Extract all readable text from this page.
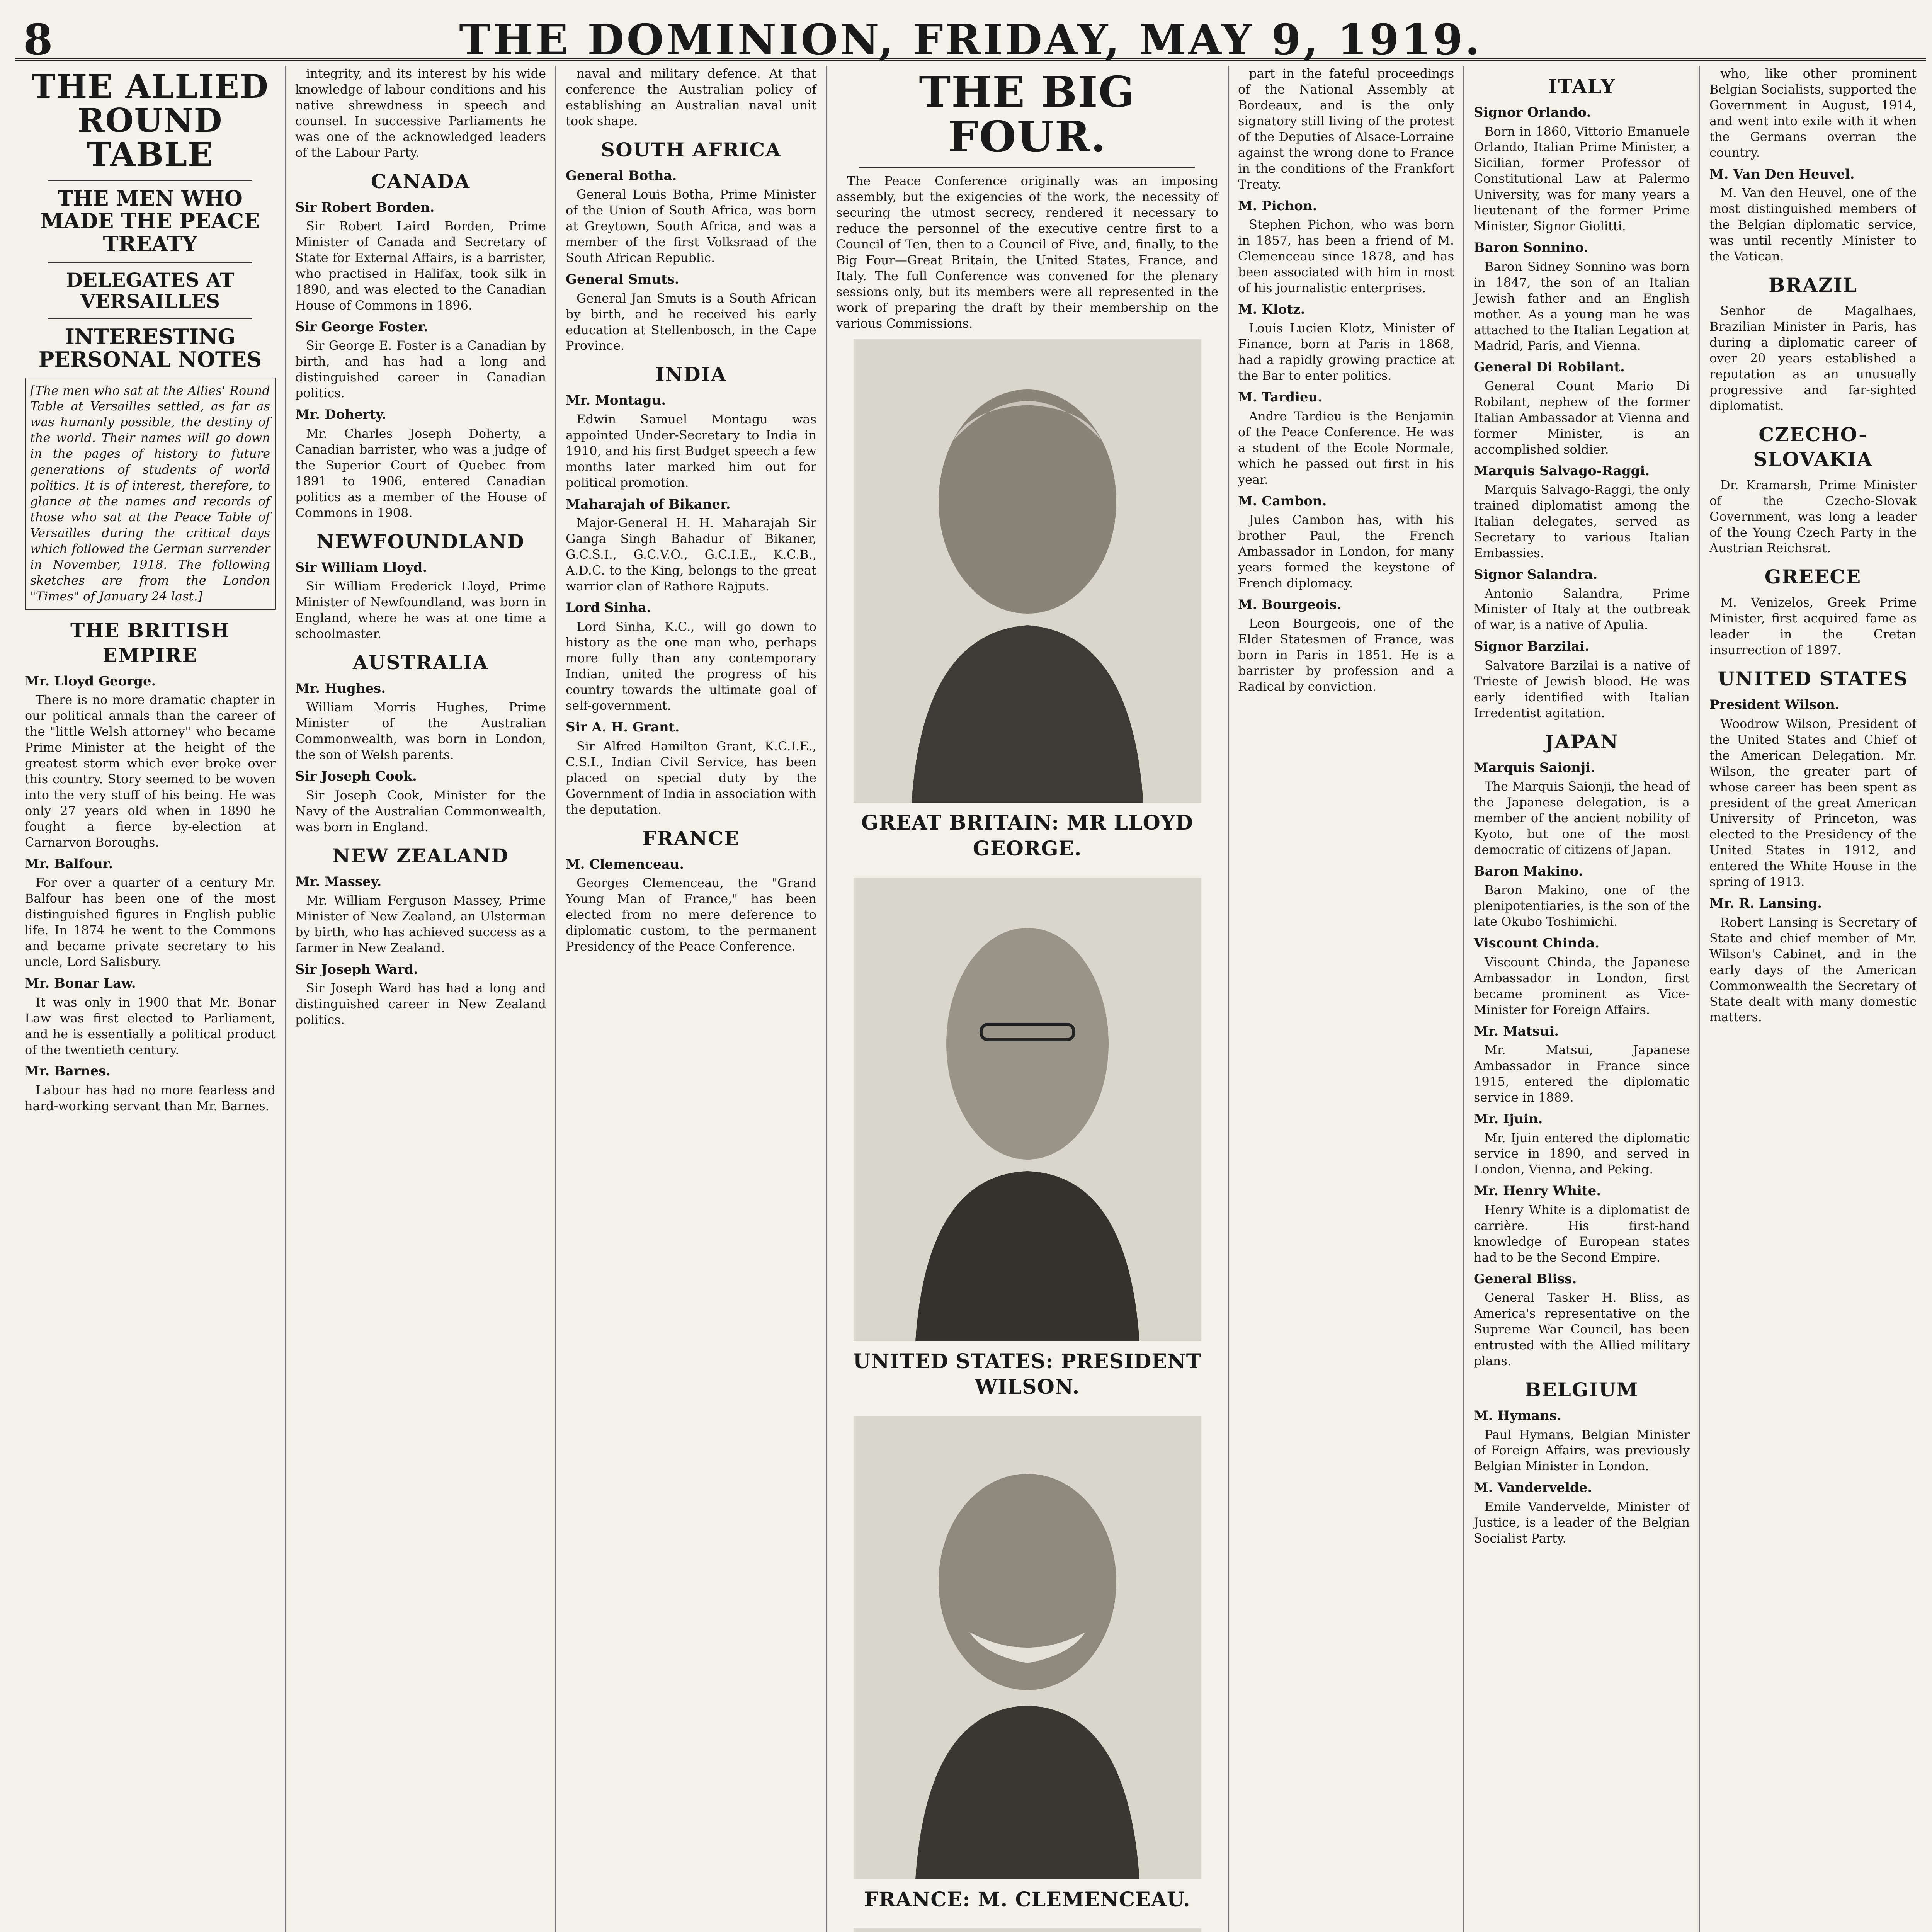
8	THE DOMINION, FRIDAY, MAY 9, 1919.
THE ALLIED ROUND TABLE
THE MEN WHO MADE THE PEACE TREATY
DELEGATES AT VERSAILLES
INTERESTING PERSONAL NOTES
[The men who sat at the Allies' Round Table at Versailles settled, as far as was humanly possible, the destiny of the world. Their names will go down in the pages of history to future generations of students of world politics. It is of interest, therefore, to glance at the names and records of those who sat at the Peace Table of Versailles during the critical days which followed the German surrender in November, 1918. The following sketches are from the London "Times" of January 24 last.]
THE BRITISH EMPIRE
Mr. Lloyd George.

There is no more dramatic chapter in our political annals than the career of the "little Welsh attorney" who became Prime Minister at the height of the greatest storm which ever broke over this country. Story seemed to be woven into the very stuff of his being. He was only 27 years old when in 1890 he fought a fierce by-election at Carnarvon Boroughs.

Mr. Balfour.

For over a quarter of a century Mr. Balfour has been one of the most distinguished figures in English public life. In 1874 he went to the Commons and became private secretary to his uncle, Lord Salisbury.

Mr. Bonar Law.

It was only in 1900 that Mr. Bonar Law was first elected to Parliament, and he is essentially a political product of the twentieth century.

Mr. Barnes.

Labour has had no more fearless and hard-working servant than Mr. Barnes.

integrity, and its interest by his wide knowledge of labour conditions and his native shrewdness in speech and counsel. In successive Parliaments he was one of the acknowledged leaders of the Labour Party.

CANADA
Sir Robert Borden.

Sir Robert Laird Borden, Prime Minister of Canada and Secretary of State for External Affairs, is a barrister, who practised in Halifax, took silk in 1890, and was elected to the Canadian House of Commons in 1896.

Sir George Foster.

Sir George E. Foster is a Canadian by birth, and has had a long and distinguished career in Canadian politics.

Mr. Doherty.

Mr. Charles Joseph Doherty, a Canadian barrister, who was a judge of the Superior Court of Quebec from 1891 to 1906, entered Canadian politics as a member of the House of Commons in 1908.

NEWFOUNDLAND
Sir William Lloyd.

Sir William Frederick Lloyd, Prime Minister of Newfoundland, was born in England, where he was at one time a schoolmaster.

AUSTRALIA
Mr. Hughes.

William Morris Hughes, Prime Minister of the Australian Commonwealth, was born in London, the son of Welsh parents.

Sir Joseph Cook.

Sir Joseph Cook, Minister for the Navy of the Australian Commonwealth, was born in England.

NEW ZEALAND
Mr. Massey.

Mr. William Ferguson Massey, Prime Minister of New Zealand, an Ulsterman by birth, who has achieved success as a farmer in New Zealand.

Sir Joseph Ward.

Sir Joseph Ward has had a long and distinguished career in New Zealand politics.

naval and military defence. At that conference the Australian policy of establishing an Australian naval unit took shape.

SOUTH AFRICA
General Botha.

General Louis Botha, Prime Minister of the Union of South Africa, was born at Greytown, South Africa, and was a member of the first Volksraad of the South African Republic.

General Smuts.

General Jan Smuts is a South African by birth, and he received his early education at Stellenbosch, in the Cape Province.

INDIA
Mr. Montagu.

Edwin Samuel Montagu was appointed Under-Secretary to India in 1910, and his first Budget speech a few months later marked him out for political promotion.

Maharajah of Bikaner.

Major-General H. H. Maharajah Sir Ganga Singh Bahadur of Bikaner, G.C.S.I., G.C.V.O., G.C.I.E., K.C.B., A.D.C. to the King, belongs to the great warrior clan of Rathore Rajputs.

Lord Sinha.

Lord Sinha, K.C., will go down to history as the one man who, perhaps more fully than any contemporary Indian, united the progress of his country towards the ultimate goal of self-government.

Sir A. H. Grant.

Sir Alfred Hamilton Grant, K.C.I.E., C.S.I., Indian Civil Service, has been placed on special duty by the Government of India in association with the deputation.

FRANCE
M. Clemenceau.

Georges Clemenceau, the "Grand Young Man of France," has been elected from no mere deference to diplomatic custom, to the permanent Presidency of the Peace Conference.

THE BIG FOUR.

The Peace Conference originally was an imposing assembly, but the exigencies of the work, the necessity of securing the utmost secrecy, rendered it necessary to reduce the personnel of the executive centre first to a Council of Ten, then to a Council of Five, and, finally, to the Big Four—Great Britain, the United States, France, and Italy. The full Conference was convened for the plenary sessions only, but its members were all represented in the work of preparing the draft by their membership on the various Commissions.

GREAT BRITAIN: MR LLOYD GEORGE.
UNITED STATES: PRESIDENT WILSON.
FRANCE: M. CLEMENCEAU.

part in the fateful proceedings of the National Assembly at Bordeaux, and is the only signatory still living of the protest of the Deputies of Alsace-Lorraine against the wrong done to France in the conditions of the Frankfort Treaty.

M. Pichon.

Stephen Pichon, who was born in 1857, has been a friend of M. Clemenceau since 1878, and has been associated with him in most of his journalistic enterprises.

M. Klotz.

Louis Lucien Klotz, Minister of Finance, born at Paris in 1868, had a rapidly growing practice at the Bar to enter politics.

M. Tardieu.

Andre Tardieu is the Benjamin of the Peace Conference. He was a student of the Ecole Normale, which he passed out first in his year.

M. Cambon.

Jules Cambon has, with his brother Paul, the French Ambassador in London, for many years formed the keystone of French diplomacy.

M. Bourgeois.

Leon Bourgeois, one of the Elder Statesmen of France, was born in Paris in 1851. He is a barrister by profession and a Radical by conviction.

ITALY
Signor Orlando.

Born in 1860, Vittorio Emanuele Orlando, Italian Prime Minister, a Sicilian, former Professor of Constitutional Law at Palermo University, was for many years a lieutenant of the former Prime Minister, Signor Giolitti.

Baron Sonnino.

Baron Sidney Sonnino was born in 1847, the son of an Italian Jewish father and an English mother. As a young man he was attached to the Italian Legation at Madrid, Paris, and Vienna.

General Di Robilant.

General Count Mario Di Robilant, nephew of the former Italian Ambassador at Vienna and former Minister, is an accomplished soldier.

Marquis Salvago-Raggi.

Marquis Salvago-Raggi, the only trained diplomatist among the Italian delegates, served as Secretary to various Italian Embassies.

Signor Salandra.

Antonio Salandra, Prime Minister of Italy at the outbreak of war, is a native of Apulia.

Signor Barzilai.

Salvatore Barzilai is a native of Trieste of Jewish blood. He was early identified with Italian Irredentist agitation.

JAPAN
Marquis Saionji.

The Marquis Saionji, the head of the Japanese delegation, is a member of the ancient nobility of Kyoto, but one of the most democratic of citizens of Japan.

Baron Makino.

Baron Makino, one of the plenipotentiaries, is the son of the late Okubo Toshimichi.

Viscount Chinda.

Viscount Chinda, the Japanese Ambassador in London, first became prominent as Vice-Minister for Foreign Affairs.

Mr. Matsui.

Mr. Matsui, Japanese Ambassador in France since 1915, entered the diplomatic service in 1889.

Mr. Ijuin.

Mr. Ijuin entered the diplomatic service in 1890, and served in London, Vienna, and Peking.

Mr. Henry White.

Henry White is a diplomatist de carrière. His first-hand knowledge of European states had to be the Second Empire.

General Bliss.

General Tasker H. Bliss, as America's representative on the Supreme War Council, has been entrusted with the Allied military plans.

BELGIUM
M. Hymans.

Paul Hymans, Belgian Minister of Foreign Affairs, was previously Belgian Minister in London.

M. Vandervelde.

Emile Vandervelde, Minister of Justice, is a leader of the Belgian Socialist Party.

who, like other prominent Belgian Socialists, supported the Government in August, 1914, and went into exile with it when the Germans overran the country.

M. Van Den Heuvel.

M. Van den Heuvel, one of the most distinguished members of the Belgian diplomatic service, was until recently Minister to the Vatican.

BRAZIL

Senhor de Magalhaes, Brazilian Minister in Paris, has during a diplomatic career of over 20 years established a reputation as an unusually progressive and far-sighted diplomatist.

CZECHO-SLOVAKIA

Dr. Kramarsh, Prime Minister of the Czecho-Slovak Government, was long a leader of the Young Czech Party in the Austrian Reichsrat.

GREECE

M. Venizelos, Greek Prime Minister, first acquired fame as leader in the Cretan insurrection of 1897.

UNITED STATES
President Wilson.

Woodrow Wilson, President of the United States and Chief of the American Delegation. Mr. Wilson, the greater part of whose career has been spent as president of the great American University of Princeton, was elected to the Presidency of the United States in 1912, and entered the White House in the spring of 1913.

Mr. R. Lansing.

Robert Lansing is Secretary of State and chief member of Mr. Wilson's Cabinet, and in the early days of the American Commonwealth the Secretary of State dealt with many domestic matters.
